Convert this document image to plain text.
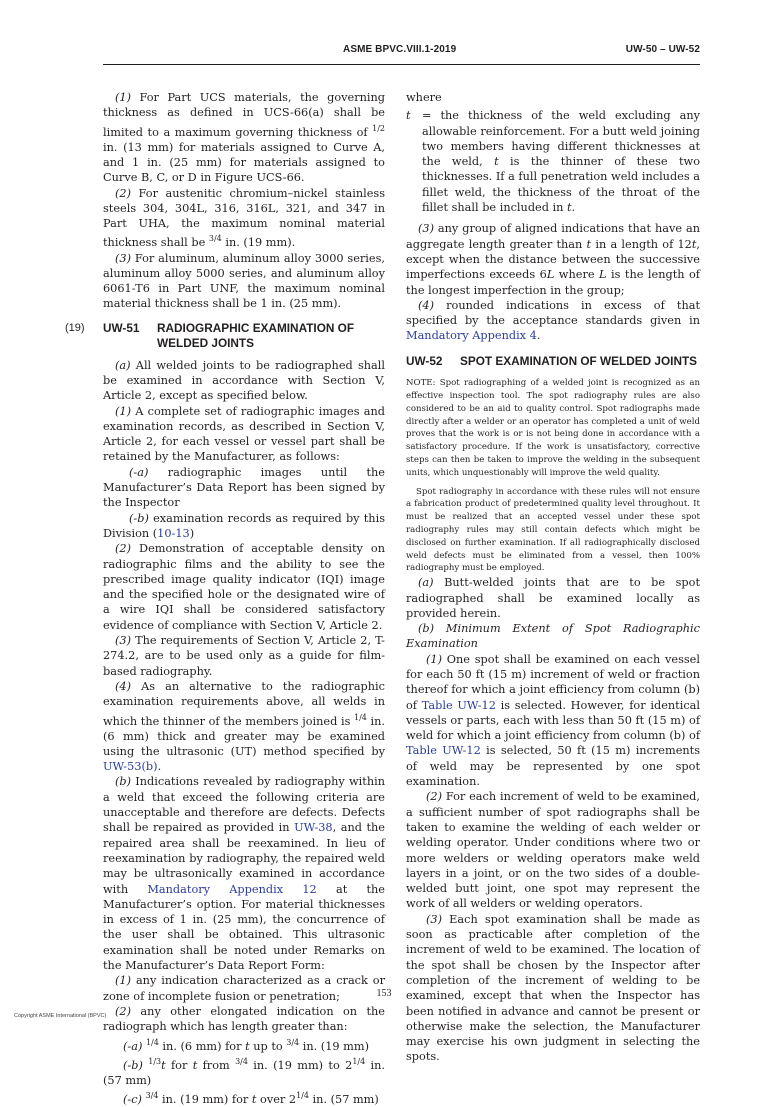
ASME BPVC.VIII.1-2019	UW-50 – UW-52

(1) For Part UCS materials, the governing thickness as defined in UCS-66(a) shall be limited to a maximum governing thickness of $^{1/2}$ in. (13 mm) for materials assigned to Curve A, and 1 in. (25 mm) for materials assigned to Curve B, C, or D in Figure UCS-66.

(2) For austenitic chromium–nickel stainless steels 304, 304L, 316, 316L, 321, and 347 in Part UHA, the maximum nominal material thickness shall be $^{3/4}$ in. (19 mm).

(3) For aluminum, aluminum alloy 3000 series, aluminum alloy 5000 series, and aluminum alloy 6061-T6 in Part UNF, the maximum nominal material thickness shall be 1 in. (25 mm).

(19) UW-51 RADIOGRAPHIC EXAMINATION OF
WELDED JOINTS

(a) All welded joints to be radiographed shall be examined in accordance with Section V, Article 2, except as specified below.

(1) A complete set of radiographic images and examination records, as described in Section V, Article 2, for each vessel or vessel part shall be retained by the Manufacturer, as follows:

(-a) radiographic images until the Manufacturer’s Data Report has been signed by the Inspector

(-b) examination records as required by this Division (10-13)

(2) Demonstration of acceptable density on radiographic films and the ability to see the prescribed image quality indicator (IQI) image and the specified hole or the designated wire of a wire IQI shall be considered satisfactory evidence of compliance with Section V, Article 2.

(3) The requirements of Section V, Article 2, T-274.2, are to be used only as a guide for film-based radiography.

(4) As an alternative to the radiographic examination requirements above, all welds in which the thinner of the members joined is $^{1/4}$ in. (6 mm) thick and greater may be examined using the ultrasonic (UT) method specified by UW-53(b).

(b) Indications revealed by radiography within a weld that exceed the following criteria are unacceptable and therefore are defects. Defects shall be repaired as provided in UW-38, and the repaired area shall be reexamined. In lieu of reexamination by radiography, the repaired weld may be ultrasonically examined in accordance with Mandatory Appendix 12 at the Manufacturer’s option. For material thicknesses in excess of 1 in. (25 mm), the concurrence of the user shall be obtained. This ultrasonic examination shall be noted under Remarks on the Manufacturer’s Data Report Form:

(1) any indication characterized as a crack or zone of incomplete fusion or penetration;

(2) any other elongated indication on the radiograph which has length greater than:

(-a) $^{1/4}$ in. (6 mm) for t up to $^{3/4}$ in. (19 mm)

(-b) $^{1/3}$t for t from $^{3/4}$ in. (19 mm) to $2^{1/4}$ in. (57 mm)

(-c) $^{3/4}$ in. (19 mm) for t over $2^{1/4}$ in. (57 mm)

where

t	= the thickness of the weld excluding any allowable reinforcement. For a butt weld joining two members having different thicknesses at the weld, t is the thinner of these two thicknesses. If a full penetration weld includes a fillet weld, the thickness of the throat of the fillet shall be included in t.

(3) any group of aligned indications that have an aggregate length greater than t in a length of 12t, except when the distance between the successive imperfections exceeds 6L where L is the length of the longest imperfection in the group;

(4) rounded indications in excess of that specified by the acceptance standards given in Mandatory Appendix 4.

UW-52 SPOT EXAMINATION OF WELDED JOINTS

NOTE: Spot radiographing of a welded joint is recognized as an effective inspection tool. The spot radiography rules are also considered to be an aid to quality control. Spot radiographs made directly after a welder or an operator has completed a unit of weld proves that the work is or is not being done in accordance with a satisfactory procedure. If the work is unsatisfactory, corrective steps can then be taken to improve the welding in the subsequent units, which unquestionably will improve the weld quality.

Spot radiography in accordance with these rules will not ensure a fabrication product of predetermined quality level throughout. It must be realized that an accepted vessel under these spot radiography rules may still contain defects which might be disclosed on further examination. If all radiographically disclosed weld defects must be eliminated from a vessel, then 100% radiography must be employed.

(a) Butt-welded joints that are to be spot radiographed shall be examined locally as provided herein.

(b) Minimum Extent of Spot Radiographic Examination

(1) One spot shall be examined on each vessel for each 50 ft (15 m) increment of weld or fraction thereof for which a joint efficiency from column (b) of Table UW-12 is selected. However, for identical vessels or parts, each with less than 50 ft (15 m) of weld for which a joint efficiency from column (b) of Table UW-12 is selected, 50 ft (15 m) increments of weld may be represented by one spot examination.

(2) For each increment of weld to be examined, a sufficient number of spot radiographs shall be taken to examine the welding of each welder or welding operator. Under conditions where two or more welders or welding operators make weld layers in a joint, or on the two sides of a double-welded butt joint, one spot may represent the work of all welders or welding operators.

(3) Each spot examination shall be made as soon as practicable after completion of the increment of weld to be examined. The location of the spot shall be chosen by the Inspector after completion of the increment of welding to be examined, except that when the Inspector has been notified in advance and cannot be present or otherwise make the selection, the Manufacturer may exercise his own judgment in selecting the spots.

153
Copyright ASME International (BPVC)
